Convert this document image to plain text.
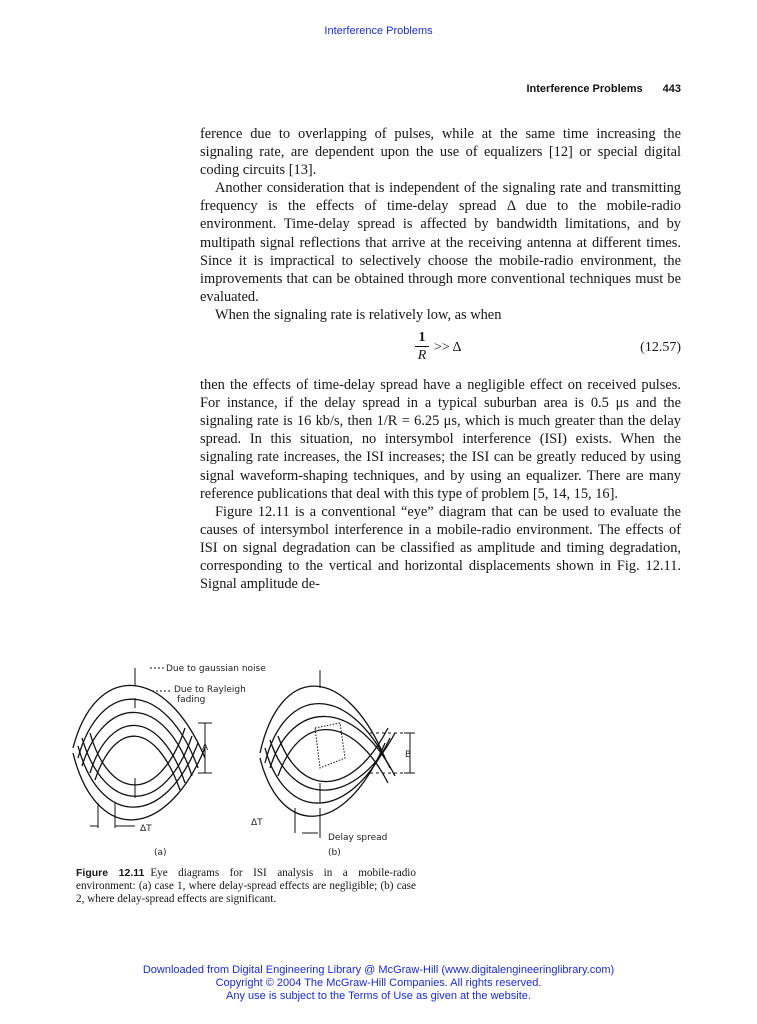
Interference Problems
Interference Problems 443

ference due to overlapping of pulses, while at the same time increasing the signaling rate, are dependent upon the use of equalizers [12] or special digital coding circuits [13].

Another consideration that is independent of the signaling rate and transmitting frequency is the effects of time-delay spread Δ due to the mobile-radio environment. Time-delay spread is affected by bandwidth limitations, and by multipath signal reflections that arrive at the receiving antenna at different times. Since it is impractical to selectively choose the mobile-radio environment, the improvements that can be obtained through more conventional techniques must be evaluated.

When the signaling rate is relatively low, as when

$\frac{1}{R} >> \Delta$	(12.57)

then the effects of time-delay spread have a negligible effect on received pulses. For instance, if the delay spread in a typical suburban area is 0.5 μs and the signaling rate is 16 kb/s, then 1/R = 6.25 μs, which is much greater than the delay spread. In this situation, no intersymbol interference (ISI) exists. When the signaling rate increases, the ISI increases; the ISI can be greatly reduced by using signal waveform-shaping techniques, and by using an equalizer. There are many reference publications that deal with this type of problem [5, 14, 15, 16].

Figure 12.11 is a conventional “eye” diagram that can be used to evaluate the causes of intersymbol interference in a mobile-radio environment. The effects of ISI on signal degradation can be classified as amplitude and timing degradation, corresponding to the vertical and horizontal displacements shown in Fig. 12.11. Signal amplitude de-

Due to gaussian noise
Due to Rayleigh
fading
A
ΔT
(a)
B
ΔT
Delay spread
(b)
Figure 12.11 Eye diagrams for ISI analysis in a mobile-radio environment: (a) case 1, where delay-spread effects are negligible; (b) case 2, where delay-spread effects are significant.
Downloaded from Digital Engineering Library @ McGraw-Hill (www.digitalengineeringlibrary.com)
Copyright © 2004 The McGraw-Hill Companies. All rights reserved.
Any use is subject to the Terms of Use as given at the website.
